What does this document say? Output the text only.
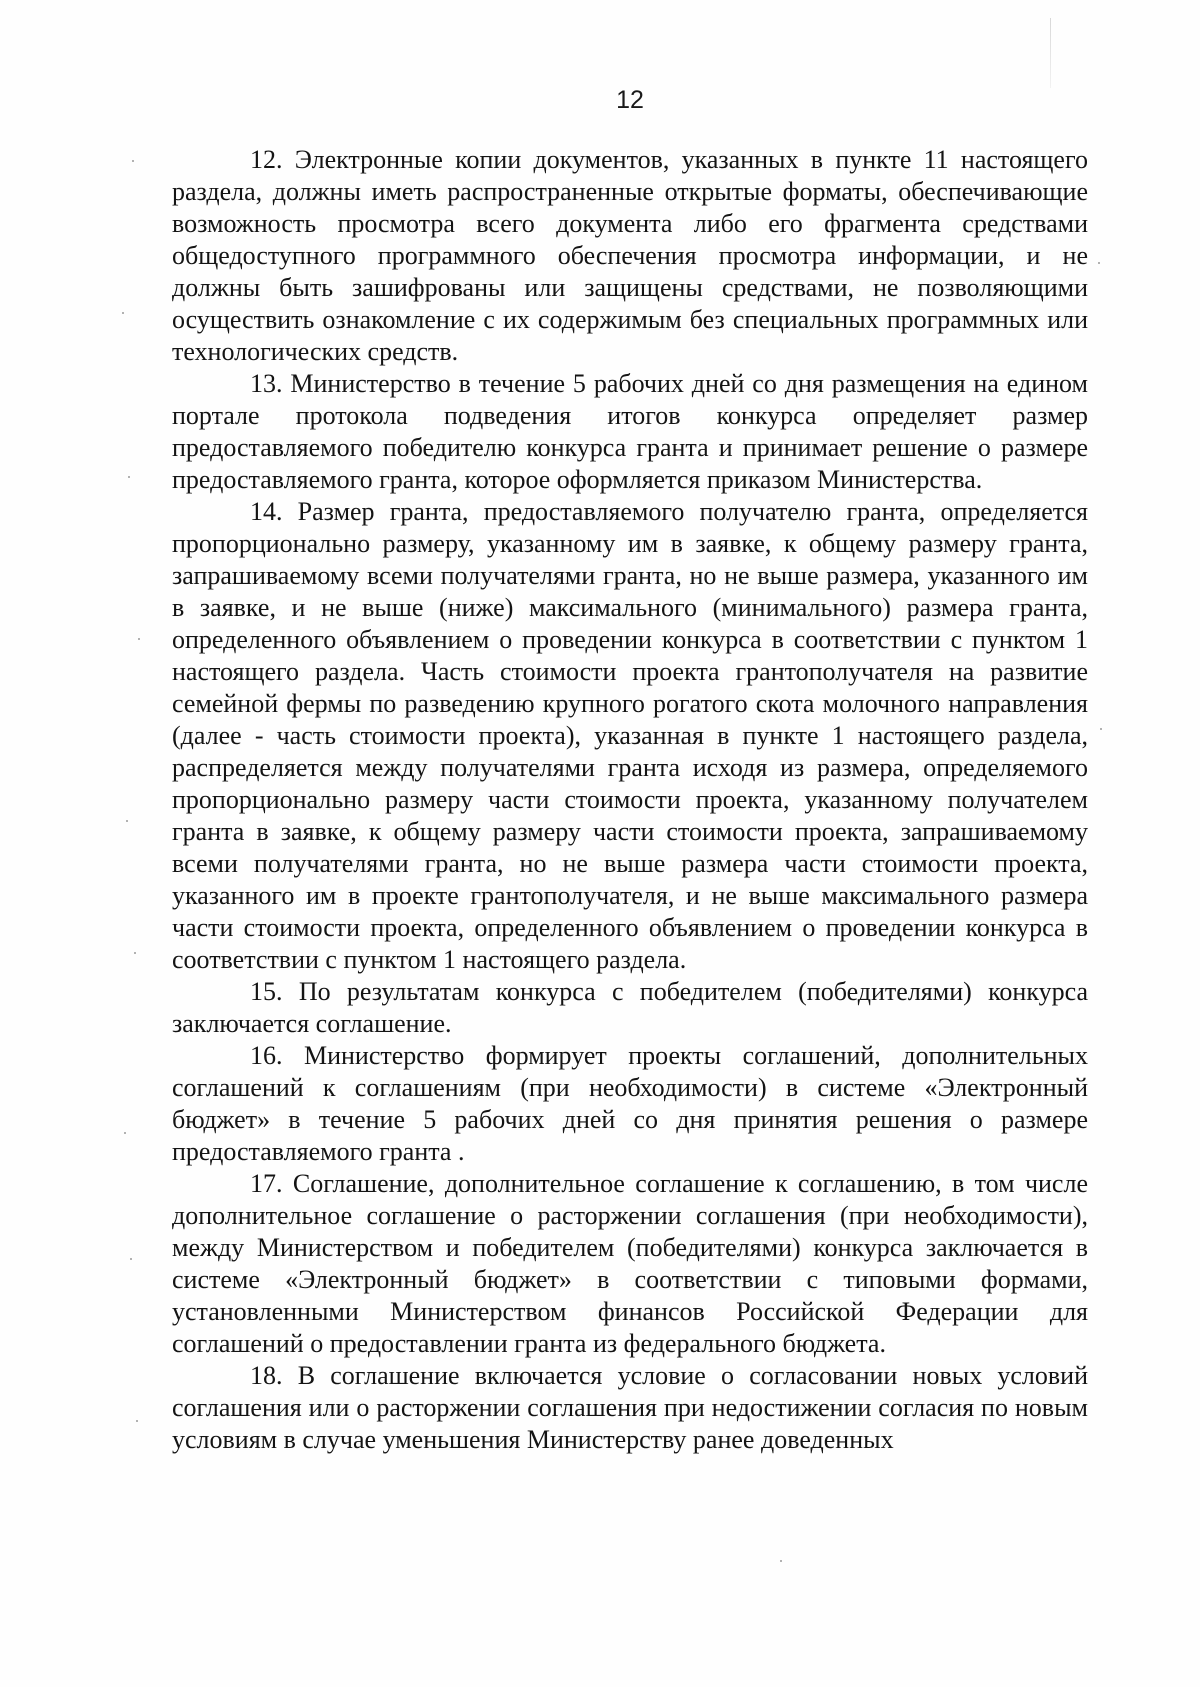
12

12. Электронные копии документов, указанных в пункте 11 настоящего раздела, должны иметь распространенные открытые форматы, обеспечивающие возможность просмотра всего документа либо его фрагмента средствами общедоступного программного обеспечения просмотра информации, и не должны быть зашифрованы или защищены средствами, не позволяющими осуществить ознакомление с их содержимым без специальных программных или технологических средств.

13. Министерство в течение 5 рабочих дней со дня размещения на едином портале протокола подведения итогов конкурса определяет размер предоставляемого победителю конкурса гранта и принимает решение о размере предоставляемого гранта, которое оформляется приказом Министерства.

14. Размер гранта, предоставляемого получателю гранта, определяется пропорционально размеру, указанному им в заявке, к общему размеру гранта, запрашиваемому всеми получателями гранта, но не выше размера, указанного им в заявке, и не выше (ниже) максимального (минимального) размера гранта, определенного объявлением о проведении конкурса в соответствии с пунктом 1 настоящего раздела. Часть стоимости проекта грантополучателя на развитие семейной фермы по разведению крупного рогатого скота молочного направления (далее - часть стоимости проекта), указанная в пункте 1 настоящего раздела, распределяется между получателями гранта исходя из размера, определяемого пропорционально размеру части стоимости проекта, указанному получателем гранта в заявке, к общему размеру части стоимости проекта, запрашиваемому всеми получателями гранта, но не выше размера части стоимости проекта, указанного им в проекте грантополучателя, и не выше максимального размера части стоимости проекта, определенного объявлением о проведении конкурса в соответствии с пунктом 1 настоящего раздела.

15. По результатам конкурса с победителем (победителями) конкурса заключается соглашение.

16. Министерство формирует проекты соглашений, дополнительных соглашений к соглашениям (при необходимости) в системе «Электронный бюджет» в течение 5 рабочих дней со дня принятия решения о размере предоставляемого гранта .

17. Соглашение, дополнительное соглашение к соглашению, в том числе дополнительное соглашение о расторжении соглашения (при необходимости), между Министерством и победителем (победителями) конкурса заключается в системе «Электронный бюджет» в соответствии с типовыми формами, установленными Министерством финансов Российской Федерации для соглашений о предоставлении гранта из федерального бюджета.

18. В соглашение включается условие о согласовании новых условий соглашения или о расторжении соглашения при недостижении согласия по новым условиям в случае уменьшения Министерству ранее доведенных
